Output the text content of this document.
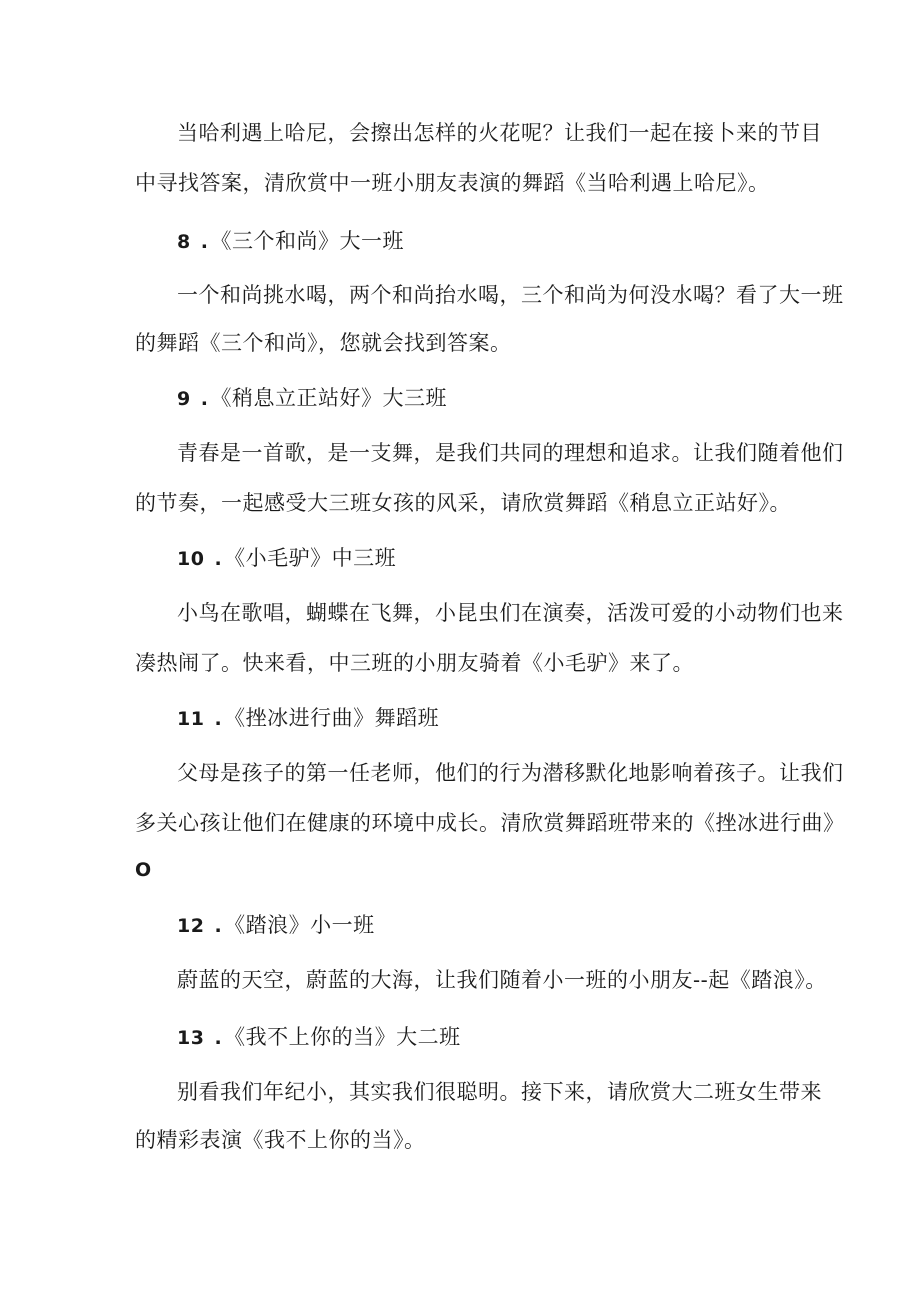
当哈利遇上哈尼，会擦出怎样的火花呢？让我们一起在接卜来的节目
中寻找答案，清欣赏中一班小朋友表演的舞蹈《当哈利遇上哈尼》。
8 .《三个和尚》大一班
一个和尚挑水喝，两个和尚抬水喝，三个和尚为何没水喝？看了大一班
的舞蹈《三个和尚》，您就会找到答案。
9 .《稍息立正站好》大三班
青春是一首歌，是一支舞，是我们共同的理想和追求。让我们随着他们
的节奏，一起感受大三班女孩的风采，请欣赏舞蹈《稍息立正站好》。
10 .《小毛驴》中三班
小鸟在歌唱，蝴蝶在飞舞，小昆虫们在演奏，活泼可爱的小动物们也来
凑热闹了。快来看，中三班的小朋友骑着《小毛驴》来了。
11 .《挫冰进行曲》舞蹈班
父母是孩子的第一任老师，他们的行为潜移默化地影响着孩子。让我们
多关心孩让他们在健康的环境中成长。清欣赏舞蹈班带来的《挫冰进行曲》
O
12 .《踏浪》小一班
蔚蓝的天空，蔚蓝的大海，让我们随着小一班的小朋友--起《踏浪》。
13 .《我不上你的当》大二班
别看我们年纪小，其实我们很聪明。接下来，请欣赏大二班女生带来
的精彩表演《我不上你的当》。
